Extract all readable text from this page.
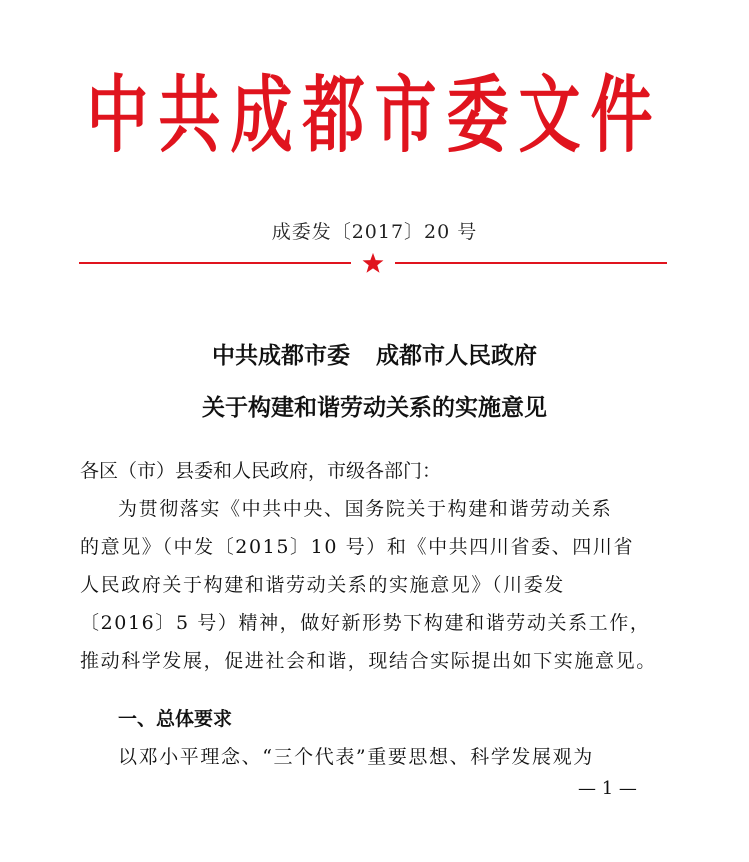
中共成都市委文件
成委发〔2017〕20 号
中共成都市委 成都市人民政府
关于构建和谐劳动关系的实施意见
各区（市）县委和人民政府，市级各部门：
为贯彻落实《中共中央、国务院关于构建和谐劳动关系
的意见》（中发〔2015〕10 号）和《中共四川省委、四川省
人民政府关于构建和谐劳动关系的实施意见》（川委发
〔2016〕5 号）精神，做好新形势下构建和谐劳动关系工作，
推动科学发展，促进社会和谐，现结合实际提出如下实施意见。
一、总体要求
以邓小平理念、“三个代表”重要思想、科学发展观为
— 1 —
